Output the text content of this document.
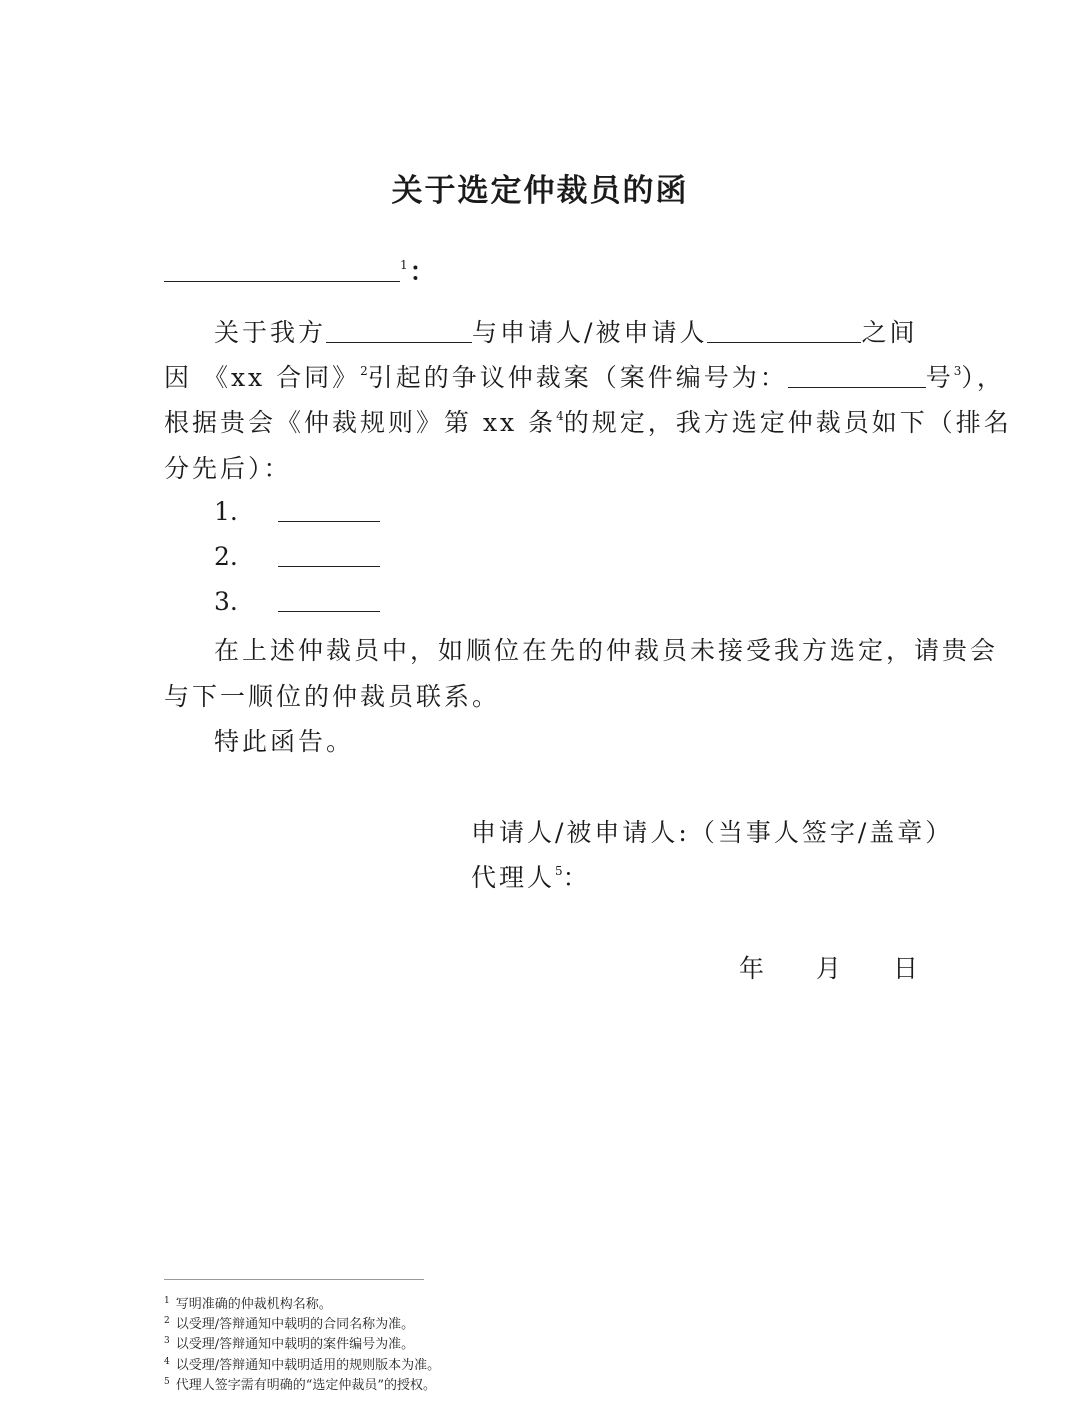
关于选定仲裁员的函
$^1$：
关于我方	与申请人/被申请人	之间
因 《xx 合同》$^2$引起的争议仲裁案（案件编号为：	号$^3$），
根据贵会《仲裁规则》第 xx 条$^4$的规定，我方选定仲裁员如下（排名
分先后）：
1.
2.
3.
在上述仲裁员中，如顺位在先的仲裁员未接受我方选定，请贵会
与下一顺位的仲裁员联系。
特此函告。
申请人/被申请人:（当事人签字/盖章）
代理人$^5$：
年 月 日
$^1$ 写明准确的仲裁机构名称。
$^2$ 以受理/答辩通知中载明的合同名称为准。
$^3$ 以受理/答辩通知中载明的案件编号为准。
$^4$ 以受理/答辩通知中载明适用的规则版本为准。
$^5$ 代理人签字需有明确的“选定仲裁员”的授权。
